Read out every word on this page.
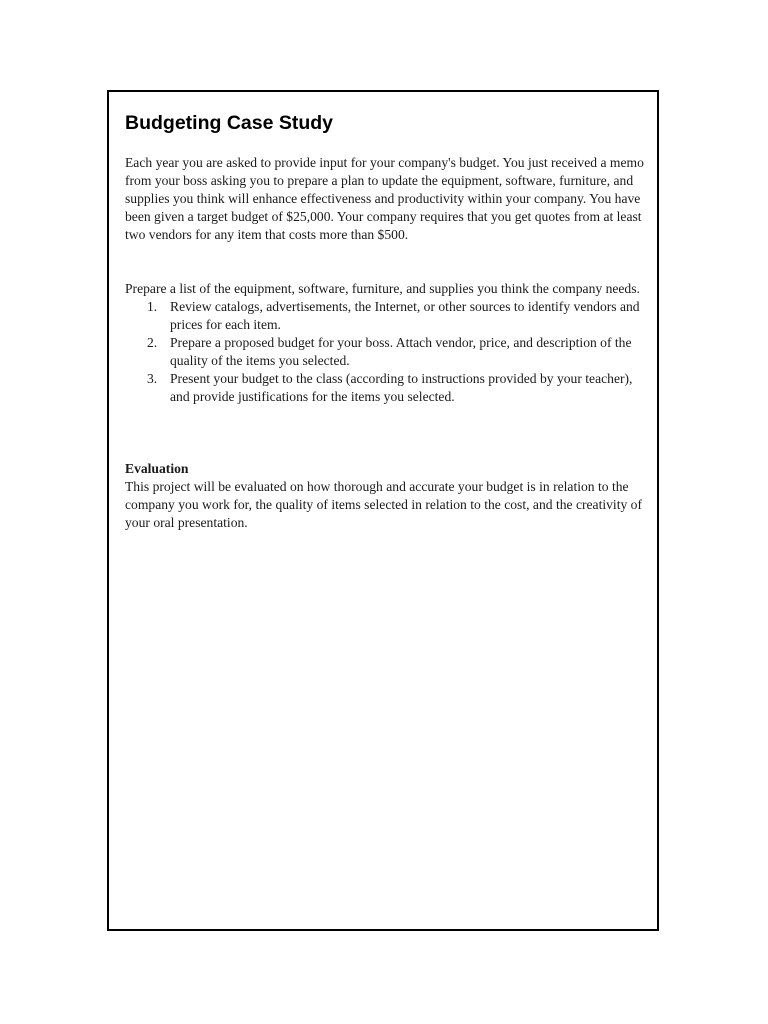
Budgeting Case Study

Each year you are asked to provide input for your company's budget. You just received a memo from your boss asking you to prepare a plan to update the equipment, software, furniture, and supplies you think will enhance effectiveness and productivity within your company. You have been given a target budget of $25,000. Your company requires that you get quotes from at least two vendors for any item that costs more than $500.

Prepare a list of the equipment, software, furniture, and supplies you think the company needs.

1. Review catalogs, advertisements, the Internet, or other sources to identify vendors and prices for each item.
2. Prepare a proposed budget for your boss. Attach vendor, price, and description of the quality of the items you selected.
3. Present your budget to the class (according to instructions provided by your teacher), and provide justifications for the items you selected.

Evaluation

This project will be evaluated on how thorough and accurate your budget is in relation to the company you work for, the quality of items selected in relation to the cost, and the creativity of your oral presentation.
